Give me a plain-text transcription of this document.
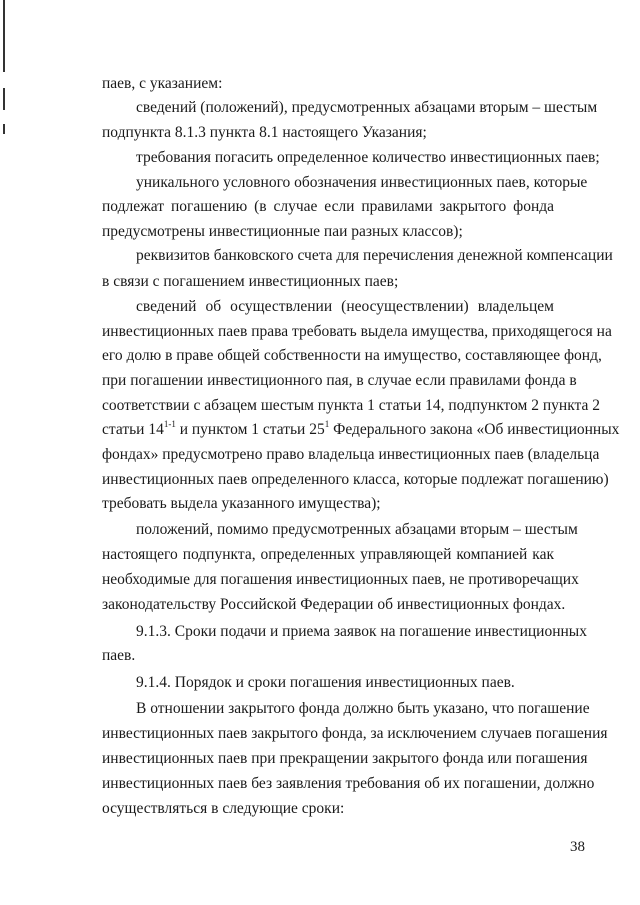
паев, с указанием:
сведений (положений), предусмотренных абзацами вторым – шестым
подпункта 8.1.3 пункта 8.1 настоящего Указания;
требования погасить определенное количество инвестиционных паев;
уникального условного обозначения инвестиционных паев, которые
подлежат погашению (в случае если правилами закрытого фонда
предусмотрены инвестиционные паи разных классов);
реквизитов банковского счета для перечисления денежной компенсации
в связи с погашением инвестиционных паев;
сведений об осуществлении (неосуществлении) владельцем
инвестиционных паев права требовать выдела имущества, приходящегося на
его долю в праве общей собственности на имущество, составляющее фонд,
при погашении инвестиционного пая, в случае если правилами фонда в
соответствии с абзацем шестым пункта 1 статьи 14, подпунктом 2 пункта 2
статьи 14$^{1-1}$ и пунктом 1 статьи $25^1$ Федерального закона «Об инвестиционных
фондах» предусмотрено право владельца инвестиционных паев (владельца
инвестиционных паев определенного класса, которые подлежат погашению)
требовать выдела указанного имущества);
положений, помимо предусмотренных абзацами вторым – шестым
настоящего подпункта, определенных управляющей компанией как
необходимые для погашения инвестиционных паев, не противоречащих
законодательству Российской Федерации об инвестиционных фондах.
9.1.3. Сроки подачи и приема заявок на погашение инвестиционных
паев.
9.1.4. Порядок и сроки погашения инвестиционных паев.
В отношении закрытого фонда должно быть указано, что погашение
инвестиционных паев закрытого фонда, за исключением случаев погашения
инвестиционных паев при прекращении закрытого фонда или погашения
инвестиционных паев без заявления требования об их погашении, должно
осуществляться в следующие сроки:
38
